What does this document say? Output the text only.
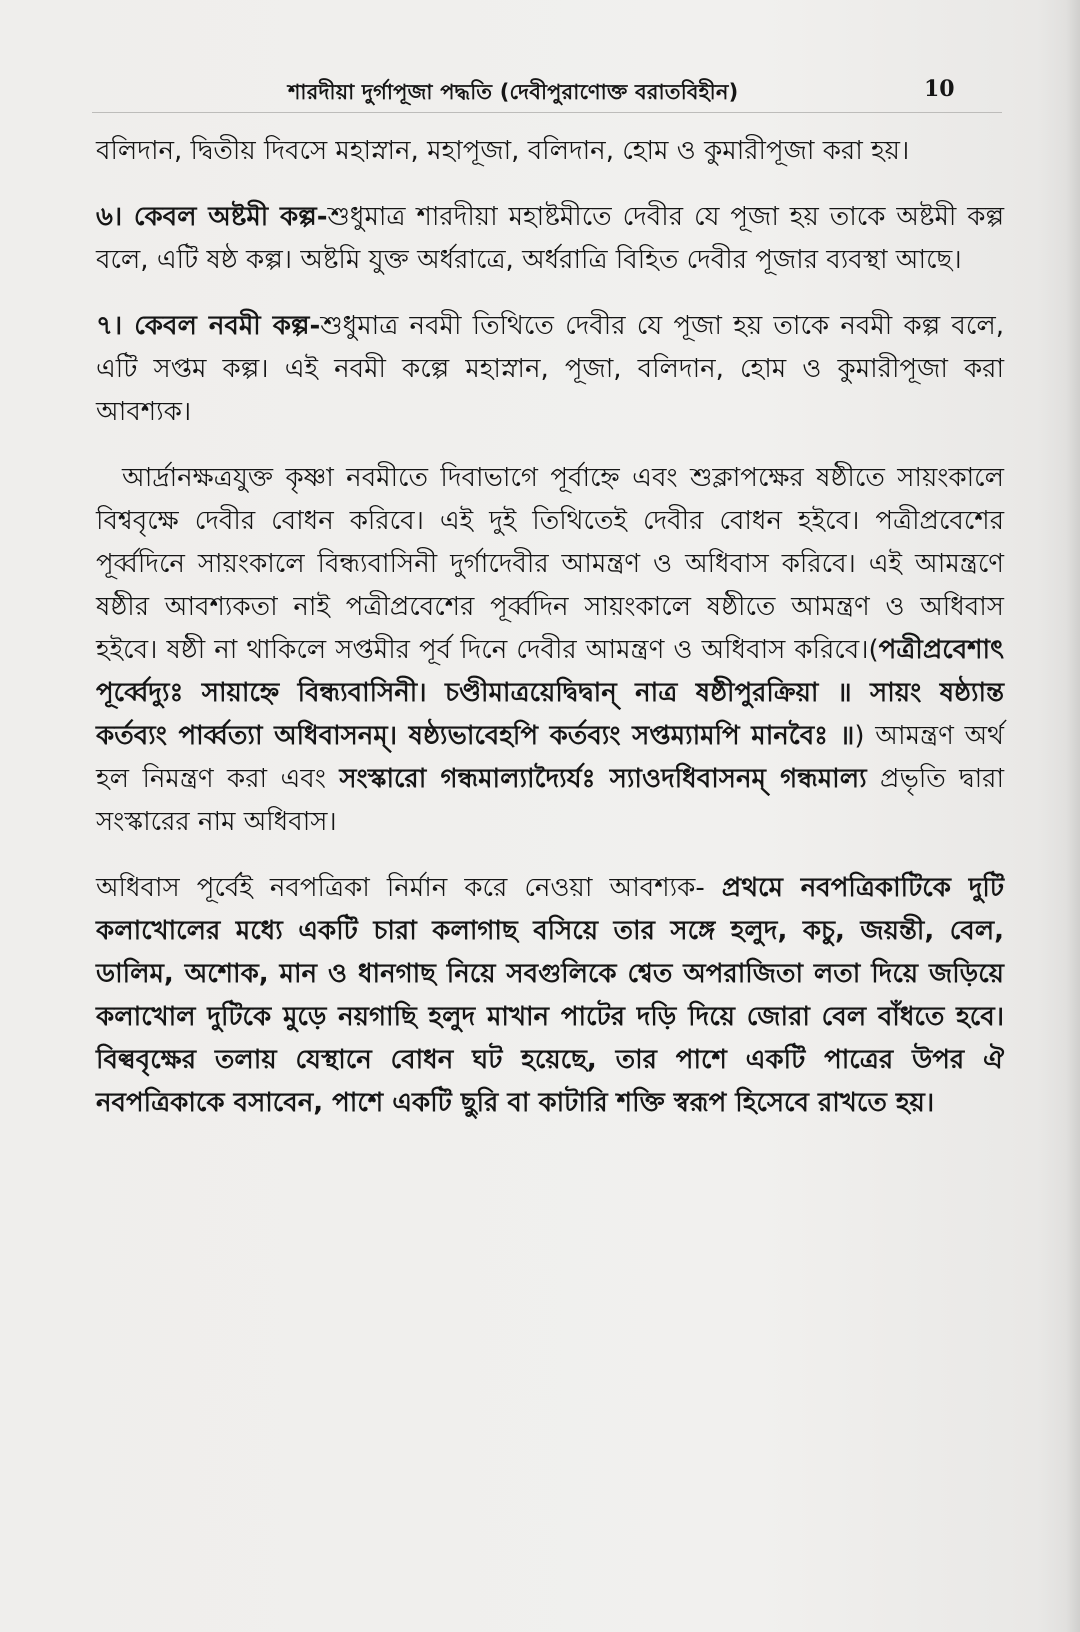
শারদীয়া দুর্গাপূজা পদ্ধতি (দেবীপুরাণোক্ত বরাতবিহীন)	10

বলিদান, দ্বিতীয় দিবসে মহাস্নান, মহাপূজা, বলিদান, হোম ও কুমারীপূজা করা হয়।

৬। কেবল অষ্টমী কল্প-শুধুমাত্র শারদীয়া মহাষ্টমীতে দেবীর যে পূজা হয় তাকে অষ্টমী কল্প বলে, এটি ষষ্ঠ কল্প। অষ্টমি যুক্ত অর্ধরাত্রে, অর্ধরাত্রি বিহিত দেবীর পূজার ব্যবস্থা আছে।

৭। কেবল নবমী কল্প-শুধুমাত্র নবমী তিথিতে দেবীর যে পূজা হয় তাকে নবমী কল্প বলে, এটি সপ্তম কল্প। এই নবমী কল্পে মহাস্নান, পূজা, বলিদান, হোম ও কুমারীপূজা করা আবশ্যক।

আর্দ্রানক্ষত্রযুক্ত কৃষ্ণা নবমীতে দিবাভাগে পূর্বাহ্নে এবং শুক্লাপক্ষের ষষ্ঠীতে সায়ংকালে বিশ্ববৃক্ষে দেবীর বোধন করিবে। এই দুই তিথিতেই দেবীর বোধন হইবে। পত্রীপ্রবেশের পূর্ব্বদিনে সায়ংকালে বিন্ধ্যবাসিনী দুর্গাদেবীর আমন্ত্রণ ও অধিবাস করিবে। এই আমন্ত্রণে ষষ্ঠীর আবশ্যকতা নাই পত্রীপ্রবেশের পূর্ব্বদিন সায়ংকালে ষষ্ঠীতে আমন্ত্রণ ও অধিবাস হইবে। ষষ্ঠী না থাকিলে সপ্তমীর পূর্ব দিনে দেবীর আমন্ত্রণ ও অধিবাস করিবে।(পত্রীপ্রবেশাৎ পূর্ব্বেদ্যুঃ সায়াহ্নে বিন্ধ্যবাসিনী। চণ্ডীমাত্রয়েদ্বিদ্বান্ নাত্র ষষ্ঠীপুরক্রিয়া ॥ সায়ং ষষ্ঠ্যান্ত কর্তব্যং পার্ব্বত্যা অধিবাসনম্। ষষ্ঠ্যভাবেহপি কর্তব্যং সপ্তম্যামপি মানবৈঃ ॥) আমন্ত্রণ অর্থ হল নিমন্ত্রণ করা এবং সংস্কারো গন্ধমাল্যাদ্যৈর্যঃ স্যাওদধিবাসনম্ গন্ধমাল্য প্রভৃতি দ্বারা সংস্কারের নাম অধিবাস।

অধিবাস পূর্বেই নবপত্রিকা নির্মান করে নেওয়া আবশ্যক- প্রথমে নবপত্রিকাটিকে দুটি কলাখোলের মধ্যে একটি চারা কলাগাছ বসিয়ে তার সঙ্গে হলুদ, কচু, জয়ন্তী, বেল, ডালিম, অশোক, মান ও ধানগাছ নিয়ে সবগুলিকে শ্বেত অপরাজিতা লতা দিয়ে জড়িয়ে কলাখোল দুটিকে মুড়ে নয়গাছি হলুদ মাখান পাটের দড়ি দিয়ে জোরা বেল বাঁধতে হবে। বিল্ববৃক্ষের তলায় যেস্থানে বোধন ঘট হয়েছে, তার পাশে একটি পাত্রের উপর ঐ নবপত্রিকাকে বসাবেন, পাশে একটি ছুরি বা কাটারি শক্তি স্বরূপ হিসেবে রাখতে হয়।
